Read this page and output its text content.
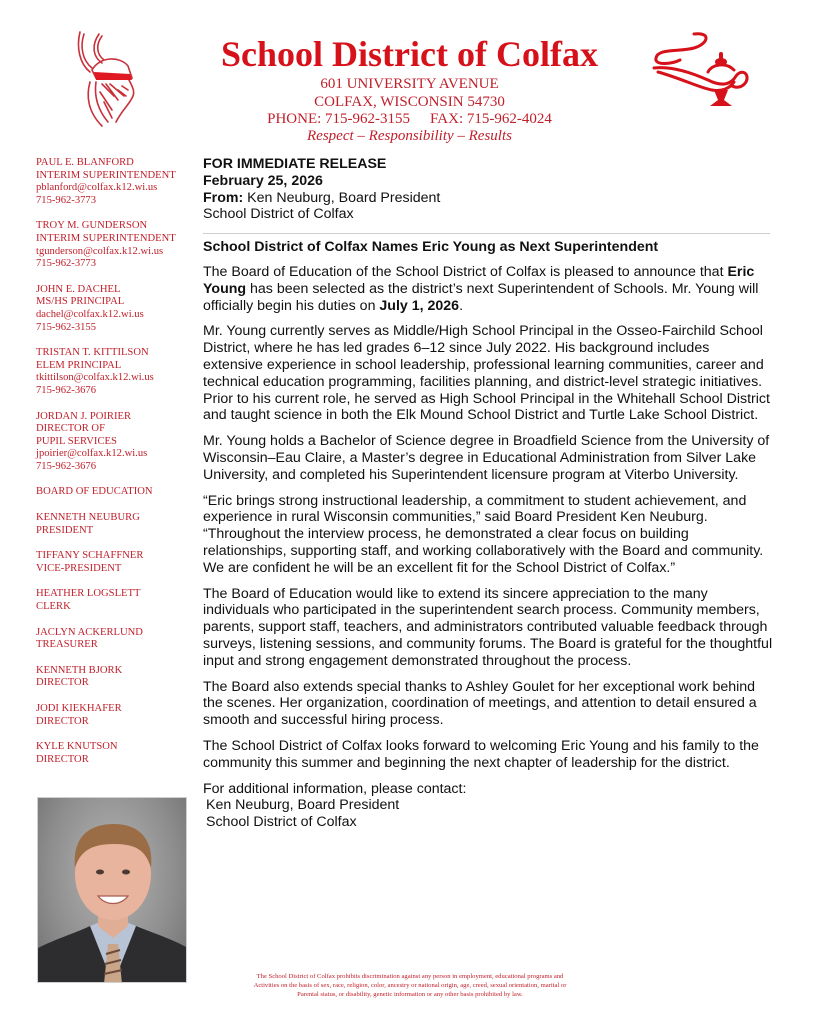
School District of Colfax
601 UNIVERSITY AVENUE
COLFAX, WISCONSIN 54730
PHONE: 715-962-3155 FAX: 715-962-4024
Respect – Responsibility – Results
PAUL E. BLANFORD
INTERIM SUPERINTENDENT
pblanford@colfax.k12.wi.us
715-962-3773
TROY M. GUNDERSON
INTERIM SUPERINTENDENT
tgunderson@colfax.k12.wi.us
715-962-3773
JOHN E. DACHEL
MS/HS PRINCIPAL
dachel@colfax.k12.wi.us
715-962-3155
TRISTAN T. KITTILSON
ELEM PRINCIPAL
tkittilson@colfax.k12.wi.us
715-962-3676
JORDAN J. POIRIER
DIRECTOR OF
PUPIL SERVICES
jpoirier@colfax.k12.wi.us
715-962-3676
BOARD OF EDUCATION
KENNETH NEUBURG
PRESIDENT
TIFFANY SCHAFFNER
VICE-PRESIDENT
HEATHER LOGSLETT
CLERK
JACLYN ACKERLUND
TREASURER
KENNETH BJORK
DIRECTOR
JODI KIEKHAFER
DIRECTOR
KYLE KNUTSON
DIRECTOR
FOR IMMEDIATE RELEASE
February 25, 2026
From: Ken Neuburg, Board President
School District of Colfax
School District of Colfax Names Eric Young as Next Superintendent

The Board of Education of the School District of Colfax is pleased to announce that Eric Young has been selected as the district’s next Superintendent of Schools. Mr. Young will officially begin his duties on July 1, 2026.

Mr. Young currently serves as Middle/High School Principal in the Osseo-Fairchild School District, where he has led grades 6–12 since July 2022. His background includes extensive experience in school leadership, professional learning communities, career and technical education programming, facilities planning, and district-level strategic initiatives. Prior to his current role, he served as High School Principal in the Whitehall School District and taught science in both the Elk Mound School District and Turtle Lake School District.

Mr. Young holds a Bachelor of Science degree in Broadfield Science from the University of Wisconsin–Eau Claire, a Master’s degree in Educational Administration from Silver Lake University, and completed his Superintendent licensure program at Viterbo University.

“Eric brings strong instructional leadership, a commitment to student achievement, and experience in rural Wisconsin communities,” said Board President Ken Neuburg. “Throughout the interview process, he demonstrated a clear focus on building relationships, supporting staff, and working collaboratively with the Board and community. We are confident he will be an excellent fit for the School District of Colfax.”

The Board of Education would like to extend its sincere appreciation to the many individuals who participated in the superintendent search process. Community members, parents, support staff, teachers, and administrators contributed valuable feedback through surveys, listening sessions, and community forums. The Board is grateful for the thoughtful input and strong engagement demonstrated throughout the process.

The Board also extends special thanks to Ashley Goulet for her exceptional work behind the scenes. Her organization, coordination of meetings, and attention to detail ensured a smooth and successful hiring process.

The School District of Colfax looks forward to welcoming Eric Young and his family to the community this summer and beginning the next chapter of leadership for the district.

For additional information, please contact:
Ken Neuburg, Board President
School District of Colfax
The School District of Colfax prohibits discrimination against any person in employment, educational programs and
Activities on the basis of sex, race, religion, color, ancestry or national origin, age, creed, sexual orientation, marital or
Parental status, or disability, genetic information or any other basis prohibited by law.
